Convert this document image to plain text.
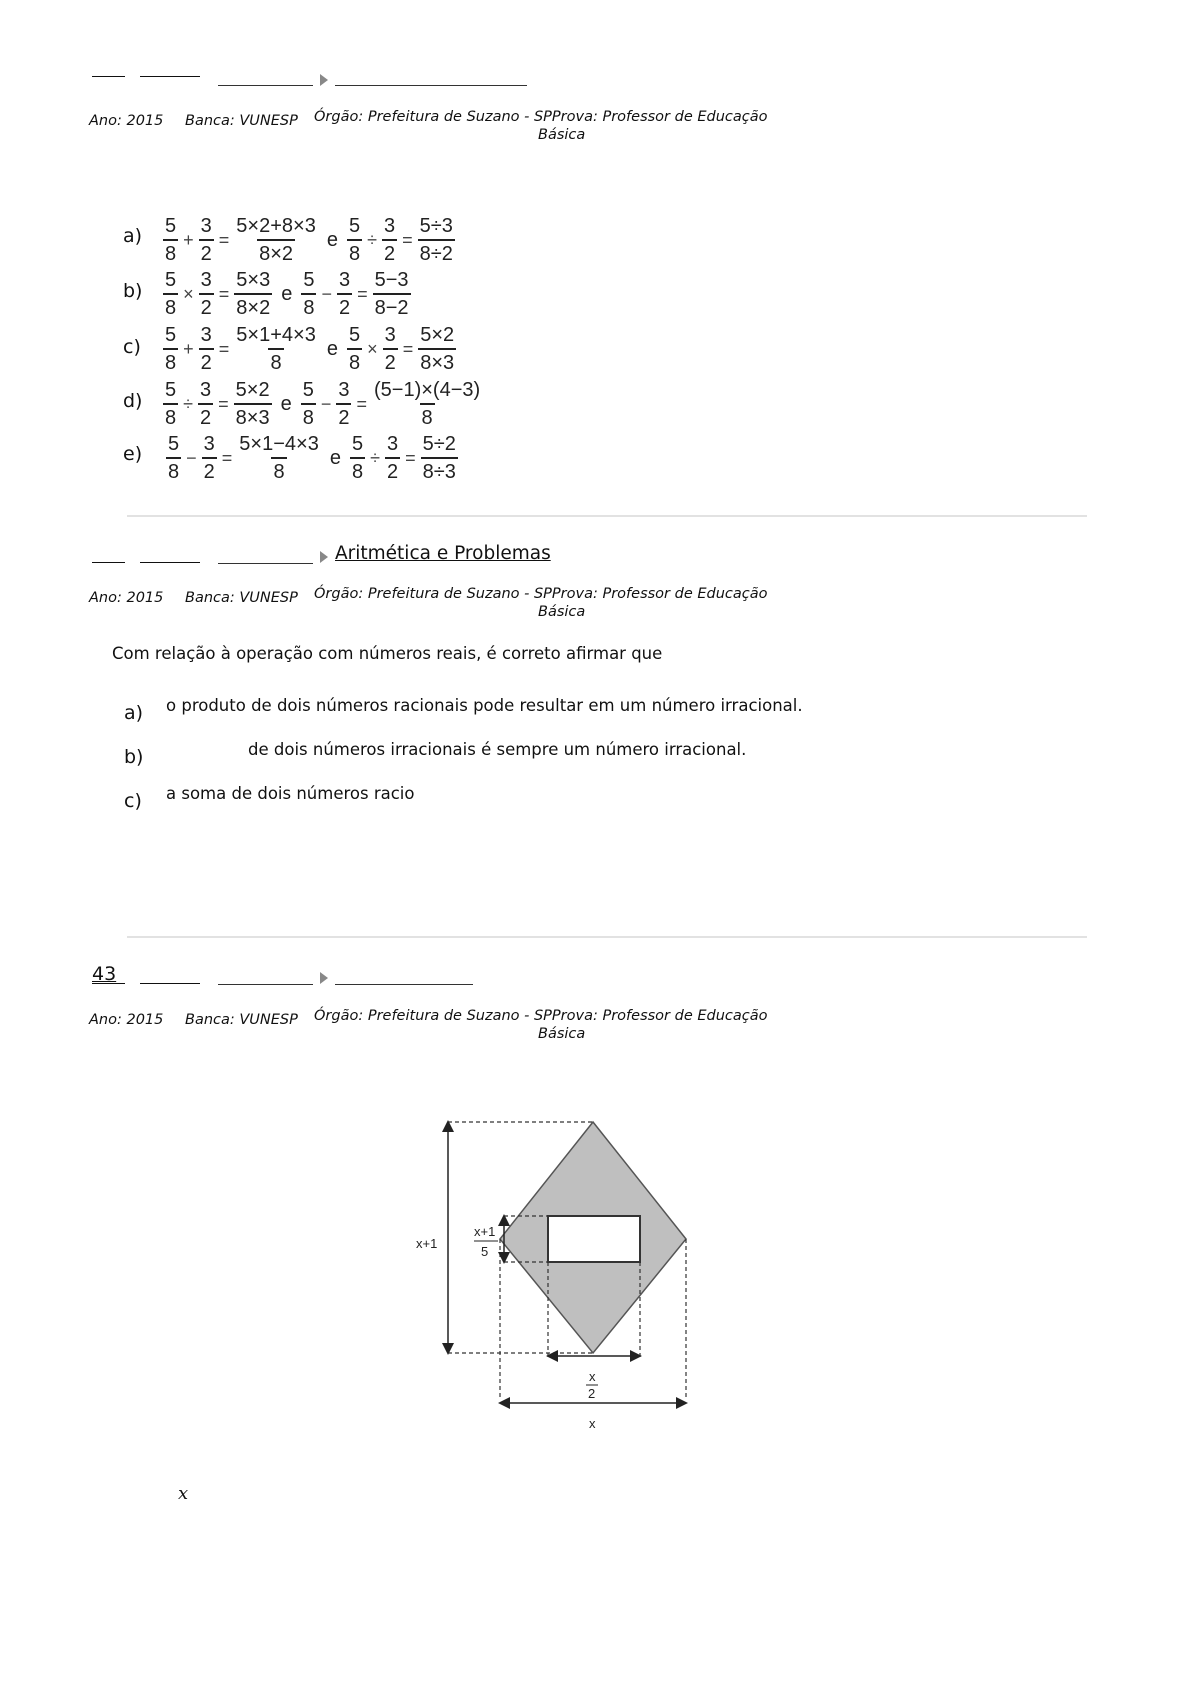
Ano: 2015 Banca: VUNESP Órgão: Prefeitura de Suzano - SPProva: Professor de Educação
Básica
$a) \frac{5}{8} + \frac{3}{2} = \frac{5\times 2+8\times 3}{8\times 2}$ e $\frac{5}{8} \div \frac{3}{2} = \frac{5\div 3}{8\div 2}$
$b) \frac{5}{8} \times \frac{3}{2} = \frac{5\times 3}{8\times 2}$ e $\frac{5}{8} - \frac{3}{2} = \frac{5-3}{8-2}$
$c) \frac{5}{8} + \frac{3}{2} = \frac{5\times 1+4\times 3}{8}$ e $\frac{5}{8} \times \frac{3}{2} = \frac{5\times 2}{8\times 3}$
$d) \frac{5}{8} \div \frac{3}{2} = \frac{5\times 2}{8\times 3}$ e $\frac{5}{8} - \frac{3}{2} = \frac{(5-1)\times(4-3)}{8}$
$e) \frac{5}{8} - \frac{3}{2} = \frac{5\times 1-4\times 3}{8}$ e $\frac{5}{8} \div \frac{3}{2} = \frac{5\div 2}{8\div 3}$
Aritmética e Problemas
Ano: 2015 Banca: VUNESP Órgão: Prefeitura de Suzano - SPProva: Professor de Educação
Básica
Com relação à operação com números reais, é correto afirmar que
a) o produto de dois números racionais pode resultar em um número irracional.
b)	de dois números irracionais é sempre um número irracional.
c) a soma de dois números racio
43
Ano: 2015 Banca: VUNESP Órgão: Prefeitura de Suzano - SPProva: Professor de Educação
Básica
x+1
x+1
5
x
2
x
x
